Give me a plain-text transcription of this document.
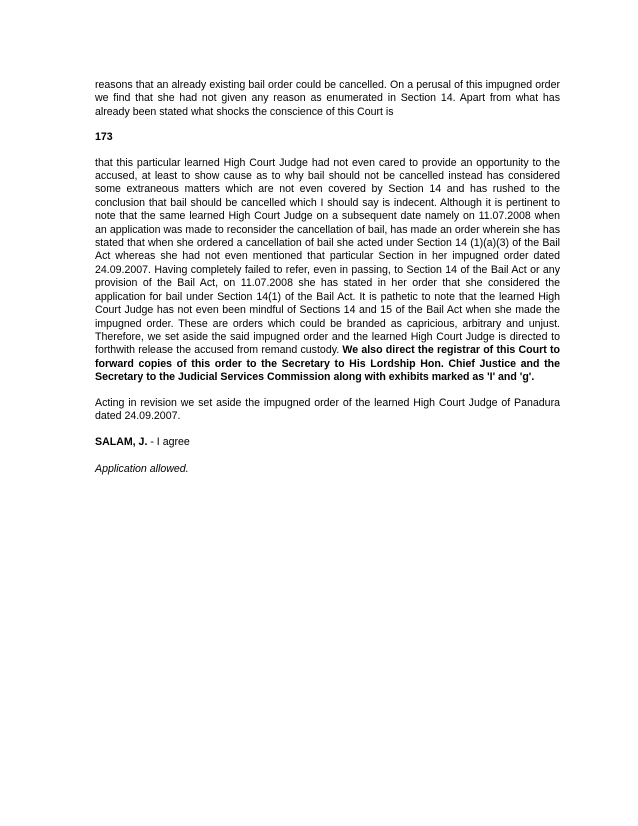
reasons that an already existing bail order could be cancelled. On a perusal of this impugned order we find that she had not given any reason as enumerated in Section 14. Apart from what has already been stated what shocks the conscience of this Court is

173

that this particular learned High Court Judge had not even cared to provide an opportunity to the accused, at least to show cause as to why bail should not be cancelled instead has considered some extraneous matters which are not even covered by Section 14 and has rushed to the conclusion that bail should be cancelled which I should say is indecent. Although it is pertinent to note that the same learned High Court Judge on a subsequent date namely on 11.07.2008 when an application was made to reconsider the cancellation of bail, has made an order wherein she has stated that when she ordered a cancellation of bail she acted under Section 14 (1)(a)(3) of the Bail Act whereas she had not even mentioned that particular Section in her impugned order dated 24.09.2007. Having completely failed to refer, even in passing, to Section 14 of the Bail Act or any provision of the Bail Act, on 11.07.2008 she has stated in her order that she considered the application for bail under Section 14(1) of the Bail Act. It is pathetic to note that the learned High Court Judge has not even been mindful of Sections 14 and 15 of the Bail Act when she made the impugned order. These are orders which could be branded as capricious, arbitrary and unjust. Therefore, we set aside the said impugned order and the learned High Court Judge is directed to forthwith release the accused from remand custody. We also direct the registrar of this Court to forward copies of this order to the Secretary to His Lordship Hon. Chief Justice and the Secretary to the Judicial Services Commission along with exhibits marked as 'I' and 'g'.

Acting in revision we set aside the impugned order of the learned High Court Judge of Panadura dated 24.09.2007.

SALAM, J. - I agree

Application allowed.
